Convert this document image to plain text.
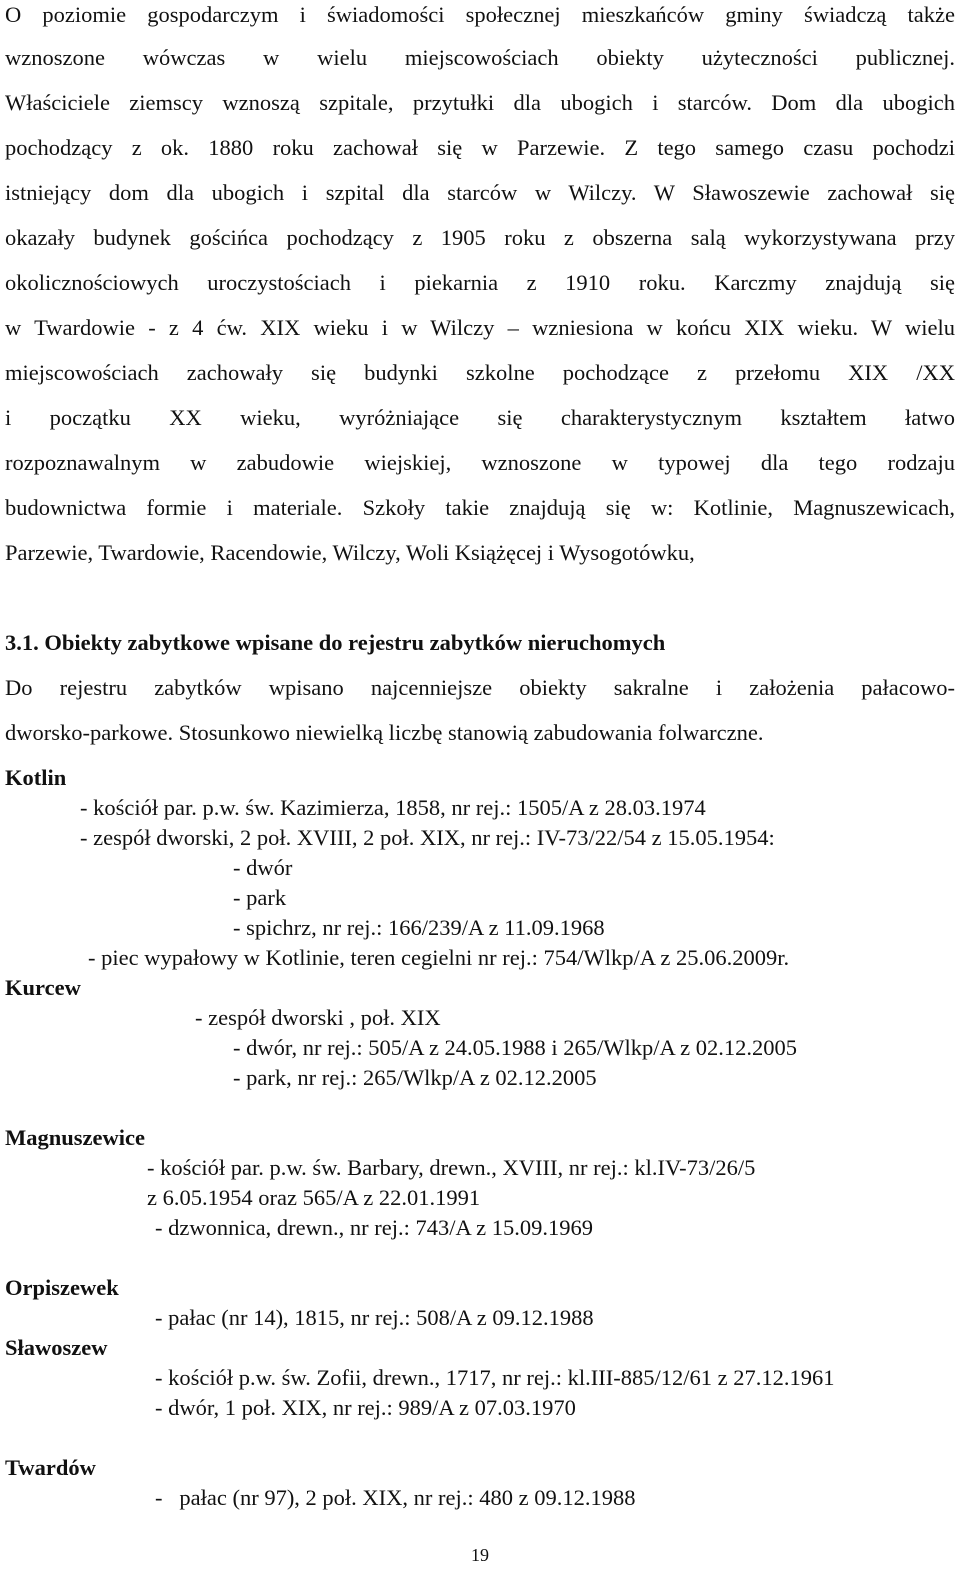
O poziomie gospodarczym i świadomości społecznej mieszkańców gminy świadczą także
wznoszone wówczas w wielu miejscowościach obiekty użyteczności publicznej.
Właściciele ziemscy wznoszą szpitale, przytułki dla ubogich i starców. Dom dla ubogich
pochodzący z ok. 1880 roku zachował się w Parzewie. Z tego samego czasu pochodzi
istniejący dom dla ubogich i szpital dla starców w Wilczy. W Sławoszewie zachował się
okazały budynek gościńca pochodzący z 1905 roku z obszerna salą wykorzystywana przy
okolicznościowych uroczystościach i piekarnia z 1910 roku. Karczmy znajdują się
w Twardowie - z 4 ćw. XIX wieku i w Wilczy – wzniesiona w końcu XIX wieku. W wielu
miejscowościach zachowały się budynki szkolne pochodzące z przełomu XIX /XX
i początku XX wieku, wyróżniające się charakterystycznym kształtem łatwo
rozpoznawalnym w zabudowie wiejskiej, wznoszone w typowej dla tego rodzaju
budownictwa formie i materiale. Szkoły takie znajdują się w: Kotlinie, Magnuszewicach,
Parzewie, Twardowie, Racendowie, Wilczy, Woli Książęcej i Wysogotówku,
3.1. Obiekty zabytkowe wpisane do rejestru zabytków nieruchomych
Do rejestru zabytków wpisano najcenniejsze obiekty sakralne i założenia pałacowo-
dworsko-parkowe. Stosunkowo niewielką liczbę stanowią zabudowania folwarczne.
Kotlin
- kościół par. p.w. św. Kazimierza, 1858, nr rej.: 1505/A z 28.03.1974
- zespół dworski, 2 poł. XVIII, 2 poł. XIX, nr rej.: IV-73/22/54 z 15.05.1954:
- dwór
- park
- spichrz, nr rej.: 166/239/A z 11.09.1968
- piec wypałowy w Kotlinie, teren cegielni nr rej.: 754/Wlkp/A z 25.06.2009r.
Kurcew
- zespół dworski , poł. XIX
- dwór, nr rej.: 505/A z 24.05.1988 i 265/Wlkp/A z 02.12.2005
- park, nr rej.: 265/Wlkp/A z 02.12.2005
Magnuszewice
- kościół par. p.w. św. Barbary, drewn., XVIII, nr rej.: kl.IV-73/26/5
z 6.05.1954 oraz 565/A z 22.01.1991
- dzwonnica, drewn., nr rej.: 743/A z 15.09.1969
Orpiszewek
- pałac (nr 14), 1815, nr rej.: 508/A z 09.12.1988
Sławoszew
- kościół p.w. św. Zofii, drewn., 1717, nr rej.: kl.III-885/12/61 z 27.12.1961
- dwór, 1 poł. XIX, nr rej.: 989/A z 07.03.1970
Twardów
-   pałac (nr 97), 2 poł. XIX, nr rej.: 480 z 09.12.1988
19
